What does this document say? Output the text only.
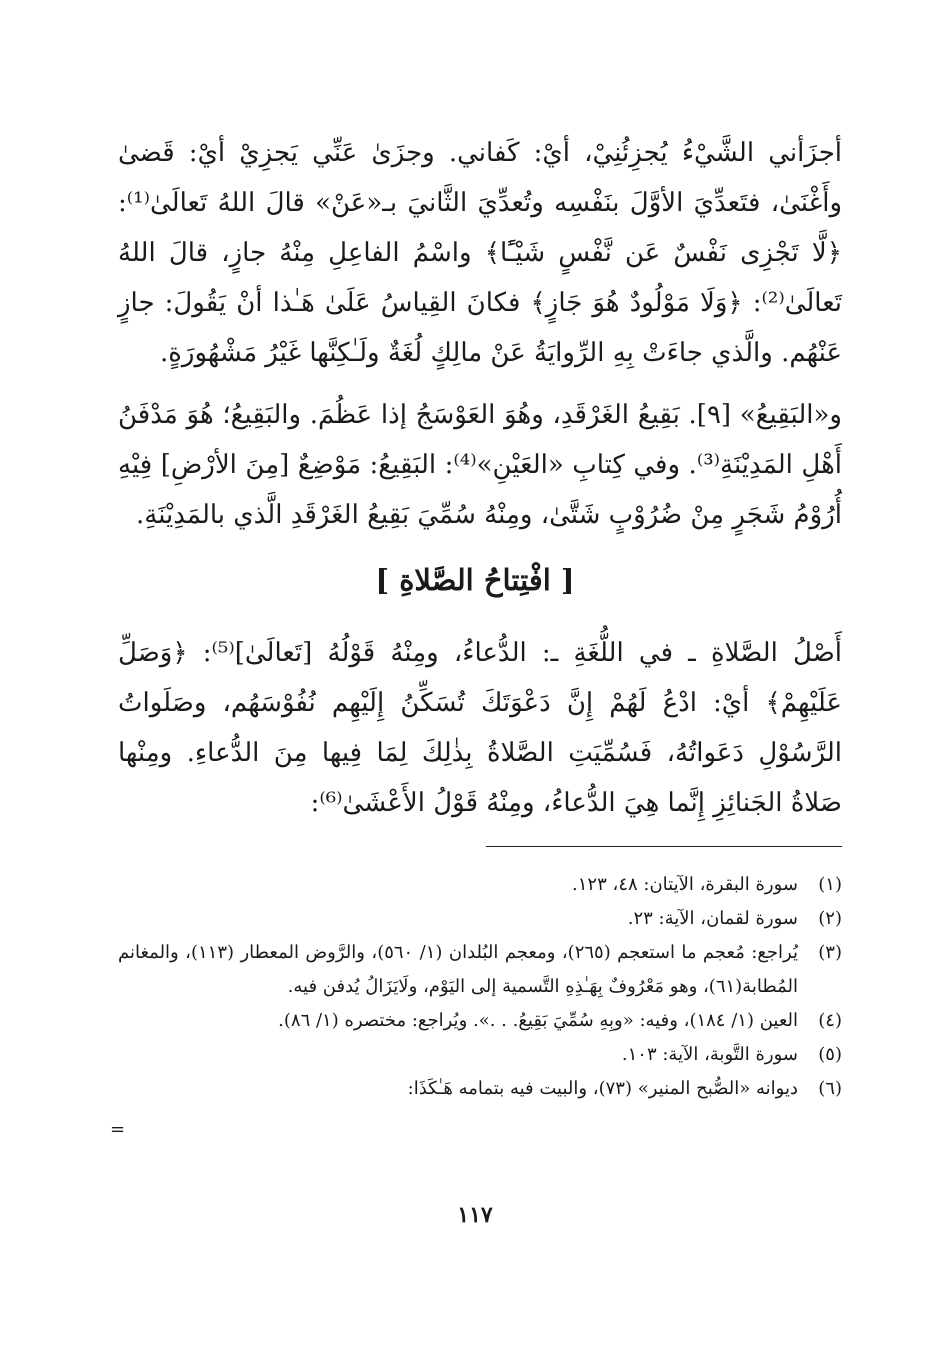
أجزَأني الشَّيْءُ يُجزِئُنِيْ، أيْ: كَفاني. وجزَىٰ عَنِّي يَجزِيْ أيْ: قَضىٰ وأَغْنَىٰ، فتَعدِّيَ الأوَّلَ بنَفْسِه وتُعدِّيَ الثَّانيَ بـ«عَنْ» قالَ اللهُ تَعالَىٰ⁽¹⁾: ﴿لَّا تَجْزِى نَفْسٌ عَن نَّفْسٍ شَيْـًٔا﴾ واسْمُ الفاعِلِ مِنْهُ جازٍ، قالَ اللهُ تَعالَىٰ⁽²⁾: ﴿وَلَا مَوْلُودٌ هُوَ جَازٍ﴾ فكانَ القِياسُ عَلَىٰ هَـٰذا أنْ يَقُولَ: جازٍ عَنْهُم. والَّذي جاءَتْ بِهِ الرِّوايَةُ عَنْ مالِكٍ لُغَةٌ ولَـٰكِنَّها غَيْرُ مَشْهُورَةٍ.

و«البَقِيعُ» [٩]. بَقِيعُ الغَرْقَدِ، وهُوَ العَوْسَجُ إذا عَظُمَ. والبَقِيعُ؛ هُوَ مَدْفَنُ أَهْلِ المَدِيْنَةِ⁽³⁾. وفي كِتابِ «العَيْنِ»⁽⁴⁾: البَقِيعُ: مَوْضِعٌ [مِنَ الأرْضِ] فِيْهِ أُرُوْمُ شَجَرٍ مِنْ ضُرُوْبٍ شَتَّىٰ، ومِنْهُ سُمِّيَ بَقِيعُ الغَرْقَدِ الَّذي بالمَدِيْنَةِ.

[ افْتِتاحُ الصَّلاةِ ]

أَصْلُ الصَّلاةِ ـ في اللُّغَةِ ـ: الدُّعاءُ، ومِنْهُ قَوْلُهُ [تَعالَىٰ]⁽⁵⁾: ﴿وَصَلِّ عَلَيْهِمْ﴾ أيْ: ادْعُ لَهُمْ إِنَّ دَعْوَتَكَ تُسَكِّنُ إِلَيْهِم نُفُوْسَهُم، وصَلَواتُ الرَّسُوْلِ دَعَواتُهُ، فَسُمِّيَتِ الصَّلاةُ بِذٰلِكَ لِمَا فِيها مِنَ الدُّعاءِ. ومِنْها صَلاةُ الجَنائِزِ إِنَّما هِيَ الدُّعاءُ، ومِنْهُ قَوْلُ الأَعْشَىٰ⁽⁶⁾:

(١)
سورة البقرة، الآيتان: ٤٨، ١٢٣.
(٢)
سورة لقمان، الآية: ٢٣.
(٣)
يُراجع: مُعجم ما استعجم (٢٦٥)، ومعجم البُلدان (١/ ٥٦٠)، والرَّوض المعطار (١١٣)، والمغانم المُطابة(٦١)، وهو مَعْرُوفٌ بِهَـٰذِهِ التَّسمية إلى اليَوْم، ولَايَزَالُ يُدفن فيه.
(٤)
العين (١/ ١٨٤)، وفيه: «وبِهِ سُمِّيَ بَقِيعُ. . .». ويُراجع: مختصره (١/ ٨٦).
(٥)
سورة التَّوبة، الآية: ١٠٣.
(٦)
ديوانه «الصُّبح المنير» (٧٣)، والبيت فيه بتمامه هَـٰكَذَا:
=
١١٧
